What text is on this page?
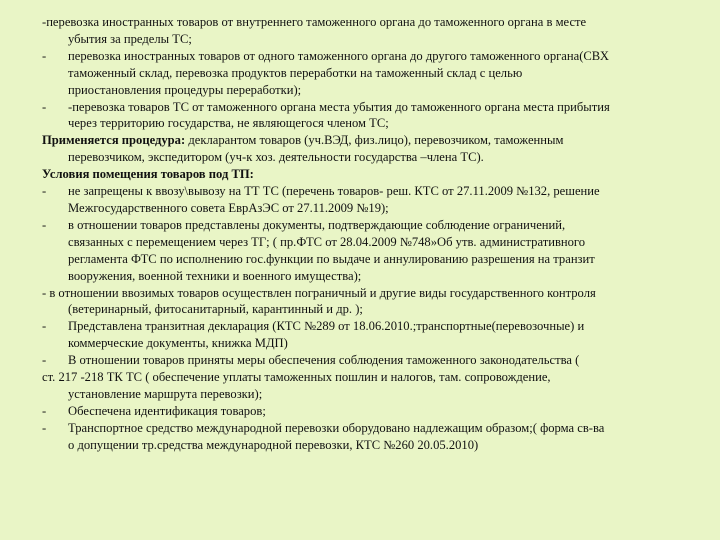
-перевозка иностранных товаров от внутреннего таможенного органа до таможенного органа в месте
убытия за пределы ТС;
- перевозка иностранных товаров от одного таможенного органа до другого таможенного органа(СВХ
таможенный склад, перевозка продуктов переработки на таможенный склад с целью
приостановления процедуры переработки);
- -перевозка товаров ТС от таможенного органа места убытия до таможенного органа места прибытия
через территорию государства, не являющегося членом ТС;
Применяется процедура: декларантом товаров (уч.ВЭД, физ.лицо), перевозчиком, таможенным
перевозчиком, экспедитором (уч-к хоз. деятельности государства –члена ТС).

Условия помещения товаров под ТП:

- не запрещены к ввозу\вывозу на ТТ ТС (перечень товаров- реш. КТС от 27.11.2009 №132, решение
Межгосударственного совета ЕврАзЭС от 27.11.2009 №19);
- в отношении товаров представлены документы, подтверждающие соблюдение ограничений,
связанных с перемещением через ТГ; ( пр.ФТС от 28.04.2009 №748»Об утв. административного
регламента ФТС по исполнению гос.функции по выдаче и аннулированию разрешения на транзит
вооружения, военной техники и военного имущества);
- в отношении ввозимых товаров осуществлен пограничный и другие виды государственного контроля
(ветеринарный, фитосанитарный, карантинный и др. );
- Представлена транзитная декларация (КТС №289 от 18.06.2010.;транспортные(перевозочные) и
коммерческие документы, книжка МДП)
- В отношении товаров приняты меры обеспечения соблюдения таможенного законодательства (
ст. 217 -218 ТК ТС ( обеспечение уплаты таможенных пошлин и налогов, там. сопровождение,
установление маршрута перевозки);
- Обеспечена идентификация товаров;
- Транспортное средство международной перевозки оборудовано надлежащим образом;( форма св-ва
о допущении тр.средства международной перевозки, КТС №260 20.05.2010)
